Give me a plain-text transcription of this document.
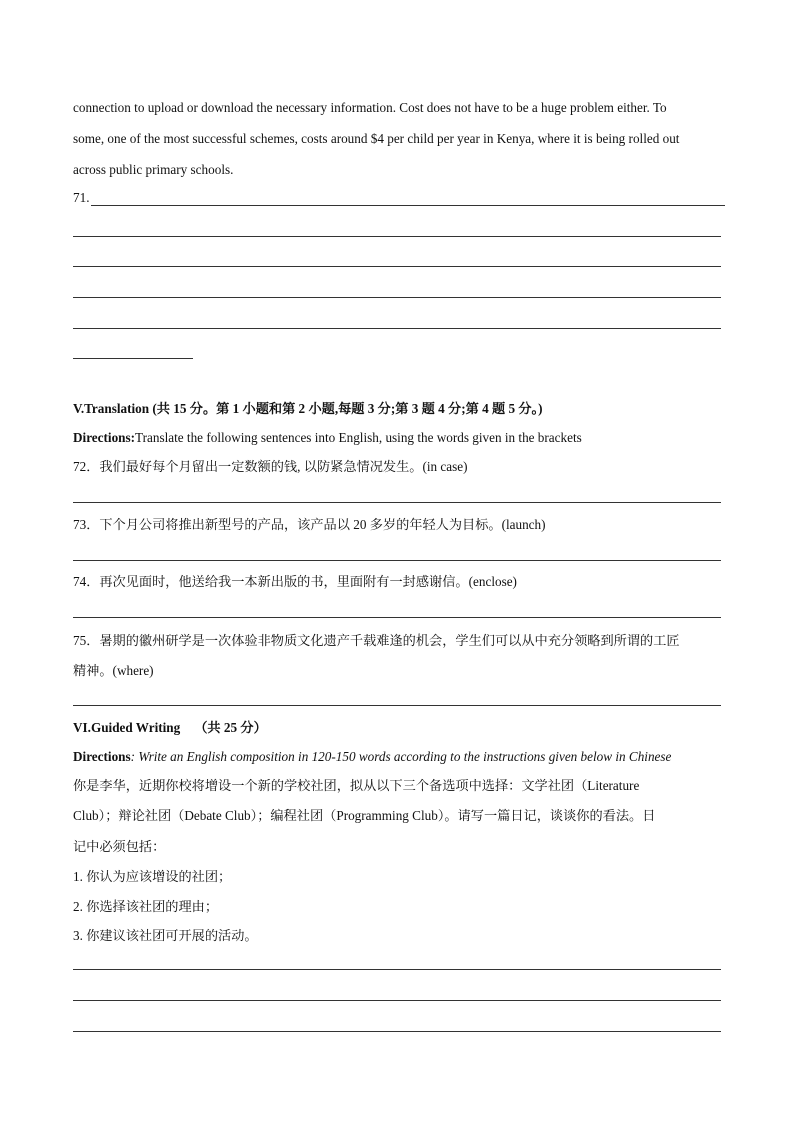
connection to upload or download the necessary information. Cost does not have to be a huge problem either. To
some, one of the most successful schemes, costs around $4 per child per year in Kenya, where it is being rolled out
across public primary schools.
71.
V.Translation (共 15 分。第 1 小题和第 2 小题,每题 3 分;第 3 题 4 分;第 4 题 5 分。)
Directions:Translate the following sentences into English, using the words given in the brackets
72．我们最好每个月留出一定数额的钱, 以防紧急情况发生。(in case)
73．下个月公司将推出新型号的产品，该产品以 20 多岁的年轻人为目标。(launch)
74．再次见面时，他送给我一本新出版的书，里面附有一封感谢信。(enclose)
75．暑期的徽州研学是一次体验非物质文化遗产千载难逢的机会，学生们可以从中充分领略到所谓的工匠
精神。(where)
VI.Guided Writing （共 25 分）
Directions: Write an English composition in 120-150 words according to the instructions given below in Chinese
你是李华，近期你校将增设一个新的学校社团，拟从以下三个备选项中选择：文学社团（Literature
Club）；辩论社团（Debate Club）；编程社团（Programming Club）。请写一篇日记，谈谈你的看法。日
记中必须包括：
1. 你认为应该增设的社团；
2. 你选择该社团的理由；
3. 你建议该社团可开展的活动。
